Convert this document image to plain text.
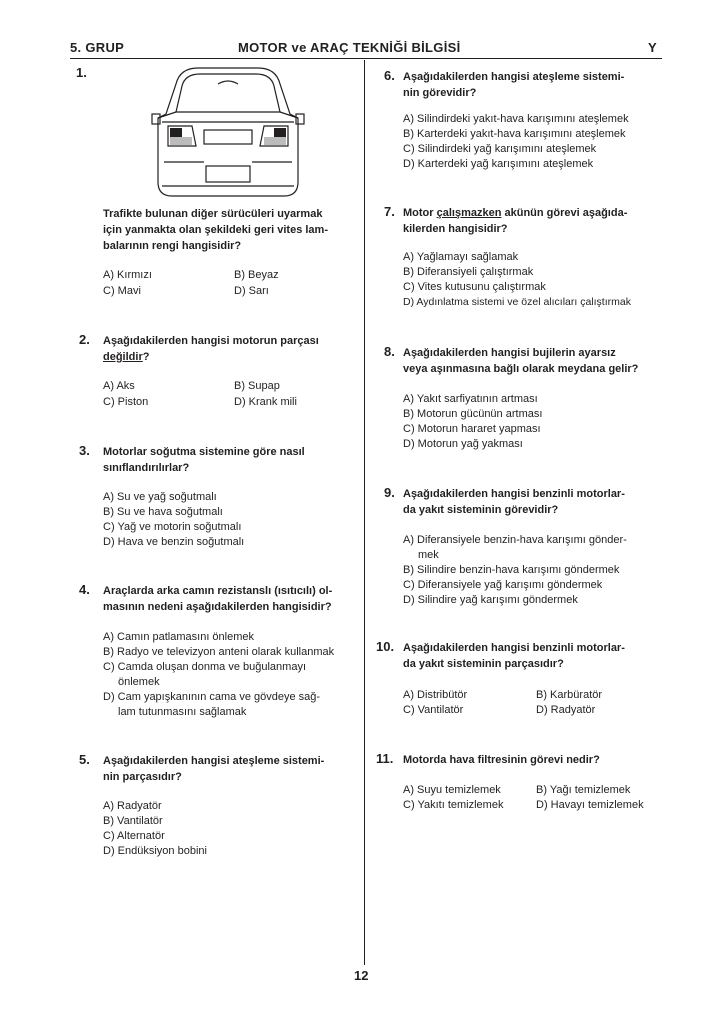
5. GRUP	MOTOR ve ARAÇ TEKNİĞİ BİLGİSİ	Y
1.
Trafikte bulunan diğer sürücüleri uyarmak
için yanmakta olan şekildeki geri vites lam-
balarının rengi hangisidir?
A) Kırmızı	B) Beyaz
C) Mavi	D) Sarı
2. Aşağıdakilerden hangisi motorun parçası
değildir?
A) Aks	B) Supap
C) Piston	D) Krank mili
3. Motorlar soğutma sistemine göre nasıl
sınıflandırılırlar?
A) Su ve yağ soğutmalı
B) Su ve hava soğutmalı
C) Yağ ve motorin soğutmalı
D) Hava ve benzin soğutmalı
4. Araçlarda arka camın rezistanslı (ısıtıcılı) ol-
masının nedeni aşağıdakilerden hangisidir?
A) Camın patlamasını önlemek
B) Radyo ve televizyon anteni olarak kullanmak
C) Camda oluşan donma ve buğulanmayı
önlemek
D) Cam yapışkanının cama ve gövdeye sağ-
lam tutunmasını sağlamak
5. Aşağıdakilerden hangisi ateşleme sistemi-
nin parçasıdır?
A) Radyatör
B) Vantilatör
C) Alternatör
D) Endüksiyon bobini
6. Aşağıdakilerden hangisi ateşleme sistemi-
nin görevidir?
A) Silindirdeki yakıt-hava karışımını ateşlemek
B) Karterdeki yakıt-hava karışımını ateşlemek
C) Silindirdeki yağ karışımını ateşlemek
D) Karterdeki yağ karışımını ateşlemek
7. Motor çalışmazken akünün görevi aşağıda-
kilerden hangisidir?
A) Yağlamayı sağlamak
B) Diferansiyeli çalıştırmak
C) Vites kutusunu çalıştırmak
D) Aydınlatma sistemi ve özel alıcıları çalıştırmak
8. Aşağıdakilerden hangisi bujilerin ayarsız
veya aşınmasına bağlı olarak meydana gelir?
A) Yakıt sarfiyatının artması
B) Motorun gücünün artması
C) Motorun hararet yapması
D) Motorun yağ yakması
9. Aşağıdakilerden hangisi benzinli motorlar-
da yakıt sisteminin görevidir?
A) Diferansiyele benzin-hava karışımı gönder-
mek
B) Silindire benzin-hava karışımı göndermek
C) Diferansiyele yağ karışımı göndermek
D) Silindire yağ karışımı göndermek
10. Aşağıdakilerden hangisi benzinli motorlar-
da yakıt sisteminin parçasıdır?
A) Distribütör	B) Karbüratör
C) Vantilatör	D) Radyatör
11. Motorda hava filtresinin görevi nedir?
A) Suyu temizlemek	B) Yağı temizlemek
C) Yakıtı temizlemek	D) Havayı temizlemek
12
